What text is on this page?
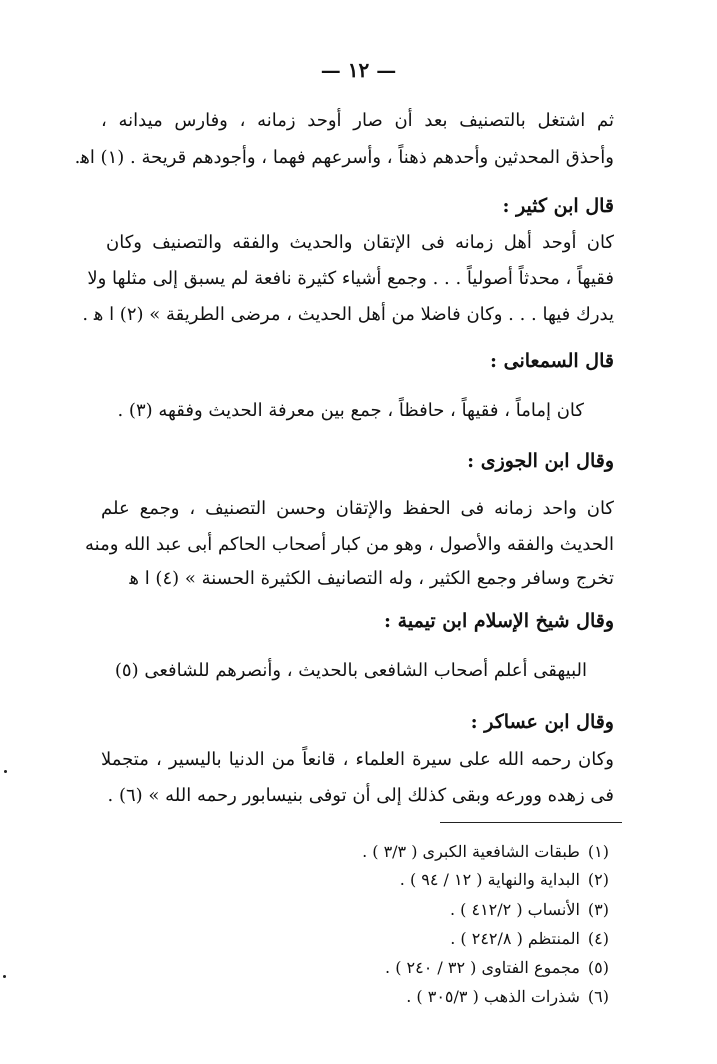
— ١٢ —
ثم اشتغل بالتصنيف بعد أن صار أوحد زمانه ، وفارس ميدانه ،
وأحذق المحدثين وأحدهم ذهناً ، وأسرعهم فهما ، وأجودهم قريحة . (١) اﻫ.
قال ابن كثير :
كان أوحد أهل زمانه فى الإتقان والحديث والفقه والتصنيف وكان
فقيهاً ، محدثاً أصولياً . . . وجمع أشياء كثيرة نافعة لم يسبق إلى مثلها ولا
يدرك فيها . . . وكان فاضلا من أهل الحديث ، مرضى الطريقة » (٢) ا ﻫ .
قال السمعانى :
كان إماماً ، فقيهاً ، حافظاً ، جمع بين معرفة الحديث وفقهه (٣) .
وقال ابن الجوزى :
كان واحد زمانه فى الحفظ والإتقان وحسن التصنيف ، وجمع علم
الحديث والفقه والأصول ، وهو من كبار أصحاب الحاكم أبى عبد الله ومنه
تخرج وسافر وجمع الكثير ، وله التصانيف الكثيرة الحسنة » (٤) ا ﻫ
وقال شيخ الإسلام ابن تيمية :
البيهقى أعلم أصحاب الشافعى بالحديث ، وأنصرهم للشافعى (٥)
وقال ابن عساكر :
وكان رحمه الله على سيرة العلماء ، قانعاً من الدنيا باليسير ، متجملا
فى زهده وورعه وبقى كذلك إلى أن توفى بنيسابور رحمه الله » (٦) .
(١) طبقات الشافعية الكبرى ( ٣/٣ ) .
(٢) البداية والنهاية ( ١٢ / ٩٤ ) .
(٣) الأنساب ( ٤١٢/٢ ) .
(٤) المنتظم ( ٢٤٢/٨ ) .
(٥) مجموع الفتاوى ( ٣٢ / ٢٤٠ ) .
(٦) شذرات الذهب ( ٣٠٥/٣ ) .
